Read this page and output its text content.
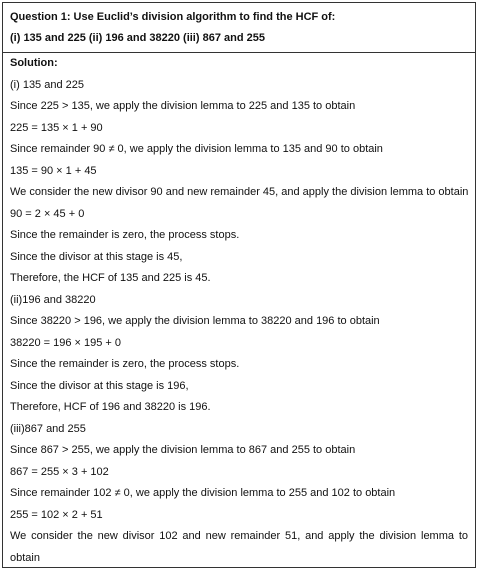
Question 1: Use Euclid’s division algorithm to find the HCF of:
(i) 135 and 225 (ii) 196 and 38220 (iii) 867 and 255
Solution:
(i) 135 and 225
Since 225 > 135, we apply the division lemma to 225 and 135 to obtain
225 = 135 × 1 + 90
Since remainder 90 ≠ 0, we apply the division lemma to 135 and 90 to obtain
135 = 90 × 1 + 45
We consider the new divisor 90 and new remainder 45, and apply the division lemma to obtain
90 = 2 × 45 + 0
Since the remainder is zero, the process stops.
Since the divisor at this stage is 45,
Therefore, the HCF of 135 and 225 is 45.
(ii)196 and 38220
Since 38220 > 196, we apply the division lemma to 38220 and 196 to obtain
38220 = 196 × 195 + 0
Since the remainder is zero, the process stops.
Since the divisor at this stage is 196,
Therefore, HCF of 196 and 38220 is 196.
(iii)867 and 255
Since 867 > 255, we apply the division lemma to 867 and 255 to obtain
867 = 255 × 3 + 102
Since remainder 102 ≠ 0, we apply the division lemma to 255 and 102 to obtain
255 = 102 × 2 + 51
We consider the new divisor 102 and new remainder 51, and apply the division lemma to
obtain
